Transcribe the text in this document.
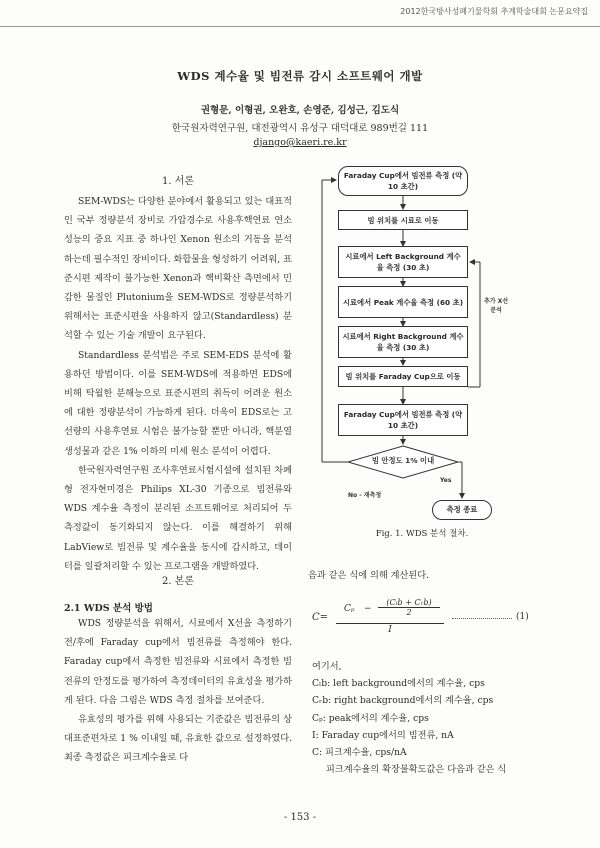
2012한국방사성폐기물학회 추계학술대회 논문요약집
WDS 계수율 및 빔전류 감시 소프트웨어 개발
권형문, 이형권, 오완호, 손영준, 김성근, 김도식
한국원자력연구원, 대전광역시 유성구 대덕대로 989번길 111
django@kaeri.re.kr
1. 서론

SEM-WDS는 다양한 분야에서 활용되고 있는 대표적인 국부 정량분석 장비로 가압경수로 사용후핵연료 연소성능의 중요 지표 중 하나인 Xenon 원소의 거동을 분석하는데 필수적인 장비이다. 화합물을 형성하기 어려워, 표준시편 제작이 불가능한 Xenon과 핵비확산 측면에서 민감한 물질인 Plutonium을 SEM-WDS로 정량분석하기 위해서는 표준시편을 사용하지 않고(Standardless) 분석할 수 있는 기술 개발이 요구된다.

Standardless 분석법은 주로 SEM-EDS 분석에 활용하던 방법이다. 이를 SEM-WDS에 적용하면 EDS에 비해 탁월한 분해능으로 표준시편의 취득이 어려운 원소에 대한 정량분석이 가능하게 된다. 더욱이 EDS로는 고선량의 사용후연료 시험은 불가능할 뿐만 아니라, 핵분열생성물과 같은 1% 이하의 미세 원소 분석이 어렵다.

한국원자력연구원 조사후연료시험시설에 설치된 차폐형 전자현미경은 Philips XL-30 기종으로 빔전류와 WDS 계수율 측정이 분리된 소프트웨어로 처리되어 두 측정값이 동기화되지 않는다. 이를 해결하기 위해 LabView로 빔전류 및 계수율을 동시에 감시하고, 데이터를 일괄처리할 수 있는 프로그램을 개발하였다.

2. 본론
2.1 WDS 분석 방법

WDS 정량분석을 위해서, 시료에서 X선을 측정하기 전/후에 Faraday cup에서 빔전류를 측정해야 한다. Faraday cup에서 측정한 빔전류와 시료에서 측정한 빔전류의 안정도를 평가하여 측정데이터의 유효성을 평가하게 된다. 다음 그림은 WDS 측정 절차를 보여준다.

유효성의 평가를 위해 사용되는 기준값은 빔전류의 상대표준편차로 1 % 이내일 때, 유효한 값으로 설정하였다. 최종 측정값은 피크계수율로 다

Faraday Cup에서 빔전류 측정 (약 10 초간)
빔 위치를 시료로 이동
시료에서 Left Background 계수율 측정 (30 초)
시료에서 Peak 계수율 측정 (60 초)
시료에서 Right Background 계수율 측정 (30 초)
빔 위치를 Faraday Cup으로 이동
Faraday Cup에서 빔전류 측정 (약 10 초간)
빔 안정도 1% 이내
Yes
No - 재측정
추가 X선
분석
측정 종료
Fig. 1. WDS 분석 절차.
음과 같은 식에 의해 계산된다.
C=
Cₚ −
(Cₗb + Cᵣb)
2
I
(1)
여기서,
Cₗb: left background에서의 계수율, cps
Cᵣb: right background에서의 계수율, cps
Cₚ: peak에서의 계수율, cps
I: Faraday cup에서의 빔전류, nA
C: 피크계수율, cps/nA
피크계수율의 확장불확도값은 다음과 같은 식
- 153 -
